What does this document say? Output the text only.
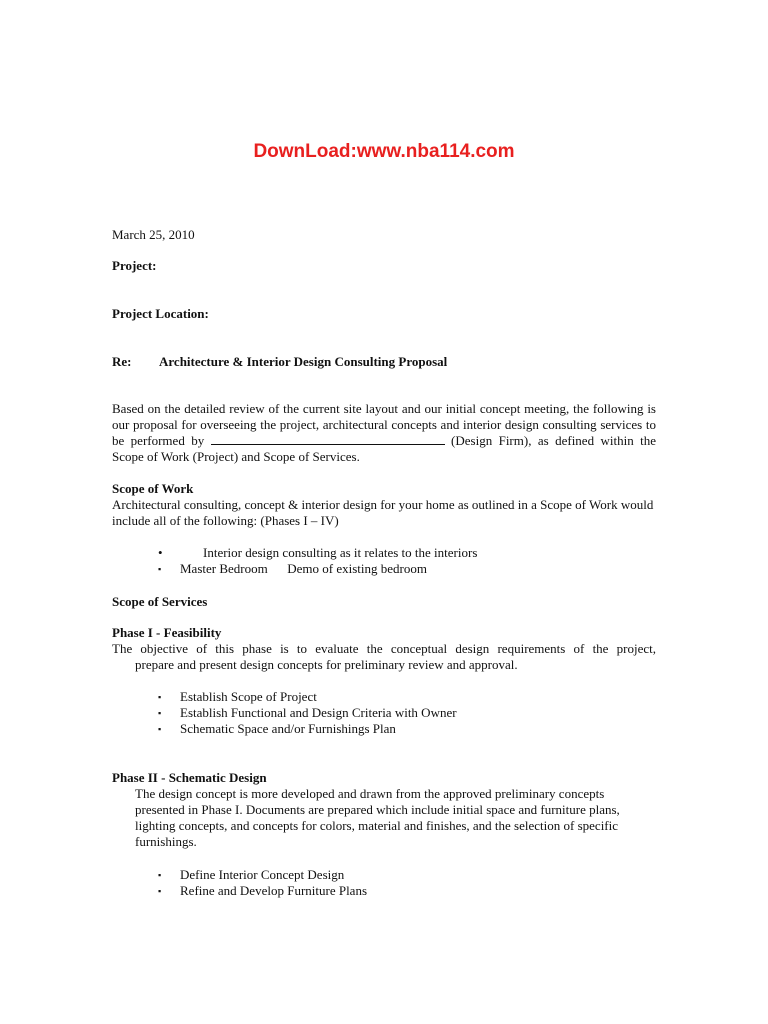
DownLoad:www.nba114.com
March 25, 2010
Project:
Project Location:
Re: Architecture & Interior Design Consulting Proposal
Based on the detailed review of the current site layout and our initial concept meeting, the following is our proposal for overseeing the project, architectural concepts and interior design consulting services to be performed by	(Design Firm), as defined within the Scope of Work (Project) and Scope of Services.
Scope of Work
Architectural consulting, concept & interior design for your home as outlined in a Scope of Work would include all of the following: (Phases I – IV)
•	Interior design consulting as it relates to the interiors
▪ Master Bedroom      Demo of existing bedroom
Scope of Services
Phase I - Feasibility
The objective of this phase is to evaluate the conceptual design requirements of the project,
prepare and present design concepts for preliminary review and approval.
▪ Establish Scope of Project
▪ Establish Functional and Design Criteria with Owner
▪ Schematic Space and/or Furnishings Plan
Phase II - Schematic Design
The design concept is more developed and drawn from the approved preliminary concepts presented in Phase I. Documents are prepared which include initial space and furniture plans, lighting concepts, and concepts for colors, material and finishes, and the selection of specific furnishings.
▪ Define Interior Concept Design
▪ Refine and Develop Furniture Plans
